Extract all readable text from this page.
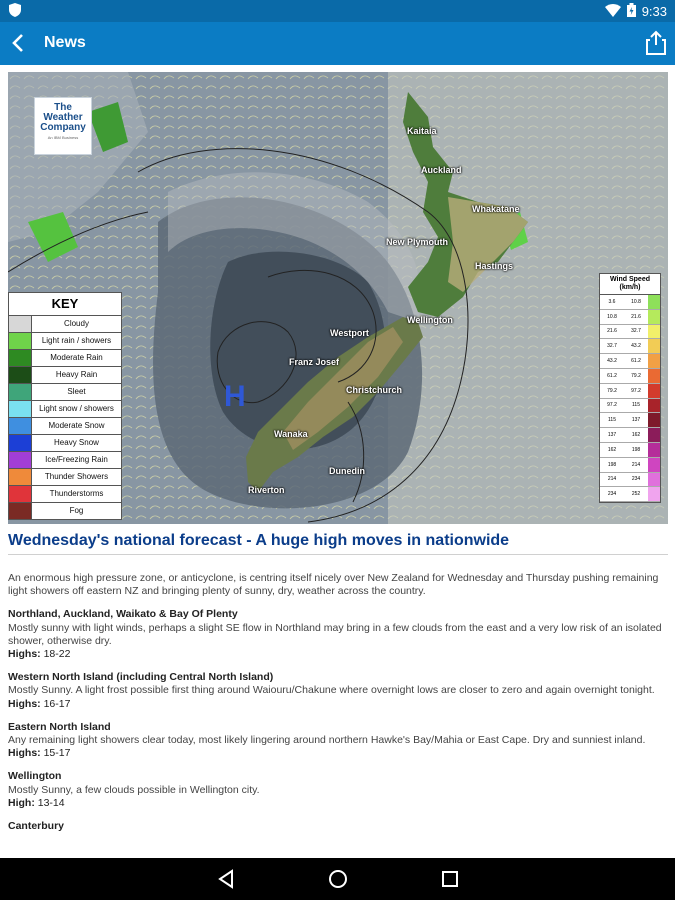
9:33
News
The
Weather
Company
An IBM Business
H
Kaitaia
Auckland
Whakatane
New Plymouth
Hastings
Wellington
Westport
Franz Josef
Christchurch
Wanaka
Dunedin
Riverton
KEY
Cloudy
Light rain / showers
Moderate Rain
Heavy Rain
Sleet
Light snow / showers
Moderate Snow
Heavy Snow
Ice/Freezing Rain
Thunder Showers
Thunderstorms
Fog
Wind Speed (km/h)
3.6	10.8
10.8	21.6
21.6	32.7
32.7	43.2
43.2	61.2
61.2	79.2
79.2	97.2
97.2	115
115	137
137	162
162	198
198	214
214	234
234	252
Wednesday's national forecast - A huge high moves in nationwide

An enormous high pressure zone, or anticyclone, is centring itself nicely over New Zealand for Wednesday and Thursday pushing remaining light showers off eastern NZ and bringing plenty of sunny, dry, weather across the country.

Northland, Auckland, Waikato & Bay Of Plenty
Mostly sunny with light winds, perhaps a slight SE flow in Northland may bring in a few clouds from the east and a very low risk of an isolated shower, otherwise dry.
Highs: 18-22

Western North Island (including Central North Island)
Mostly Sunny. A light frost possible first thing around Waiouru/Chakune where overnight lows are closer to zero and again overnight tonight.
Highs: 16-17

Eastern North Island
Any remaining light showers clear today, most likely lingering around northern Hawke's Bay/Mahia or East Cape. Dry and sunniest inland.
Highs: 15-17

Wellington
Mostly Sunny, a few clouds possible in Wellington city.
High: 13-14

Canterbury
